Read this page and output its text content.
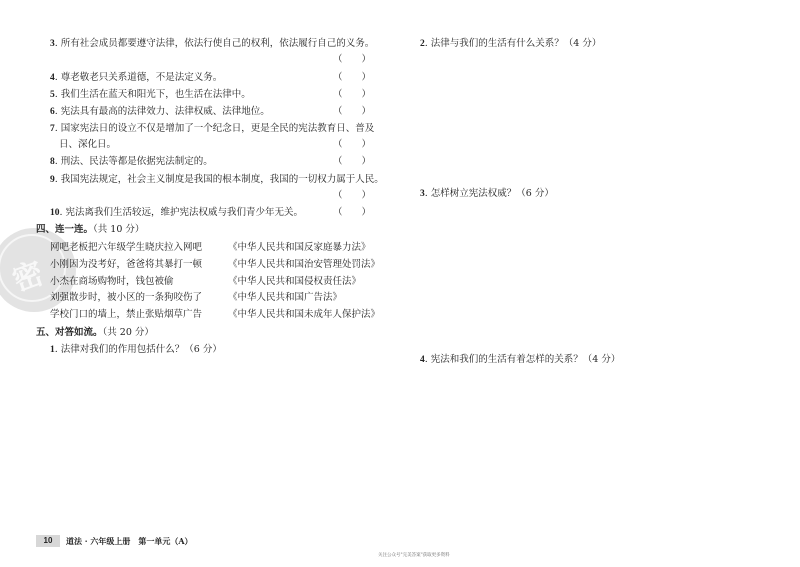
密
3. 所有社会成员都要遵守法律，依法行使自己的权利，依法履行自己的义务。
（　　）
4. 尊老敬老只关系道德，不是法定义务。	（　　）
5. 我们生活在蓝天和阳光下，也生活在法律中。	（　　）
6. 宪法具有最高的法律效力、法律权威、法律地位。	（　　）
7. 国家宪法日的设立不仅是增加了一个纪念日，更是全民的宪法教育日、普及
日、深化日。	（　　）
8. 刑法、民法等都是依据宪法制定的。	（　　）
9. 我国宪法规定，社会主义制度是我国的根本制度，我国的一切权力属于人民。
（　　）
10. 宪法离我们生活较远，维护宪法权威与我们青少年无关。	（　　）
四、连一连。（共 10 分）
网吧老板把六年级学生晓庆拉入网吧	《中华人民共和国反家庭暴力法》
小刚因为没考好，爸爸将其暴打一顿	《中华人民共和国治安管理处罚法》
小杰在商场购物时，钱包被偷	《中华人民共和国侵权责任法》
刘强散步时，被小区的一条狗咬伤了	《中华人民共和国广告法》
学校门口的墙上，禁止张贴烟草广告	《中华人民共和国未成年人保护法》
五、对答如流。（共 20 分）
1. 法律对我们的作用包括什么？（6 分）
2. 法律与我们的生活有什么关系？（4 分）
3. 怎样树立宪法权威？（6 分）
4. 宪法和我们的生活有着怎样的关系？（4 分）
10	道法 · 六年级上册　第一单元（A）
关注公众号"完美答案"获取更多资料
